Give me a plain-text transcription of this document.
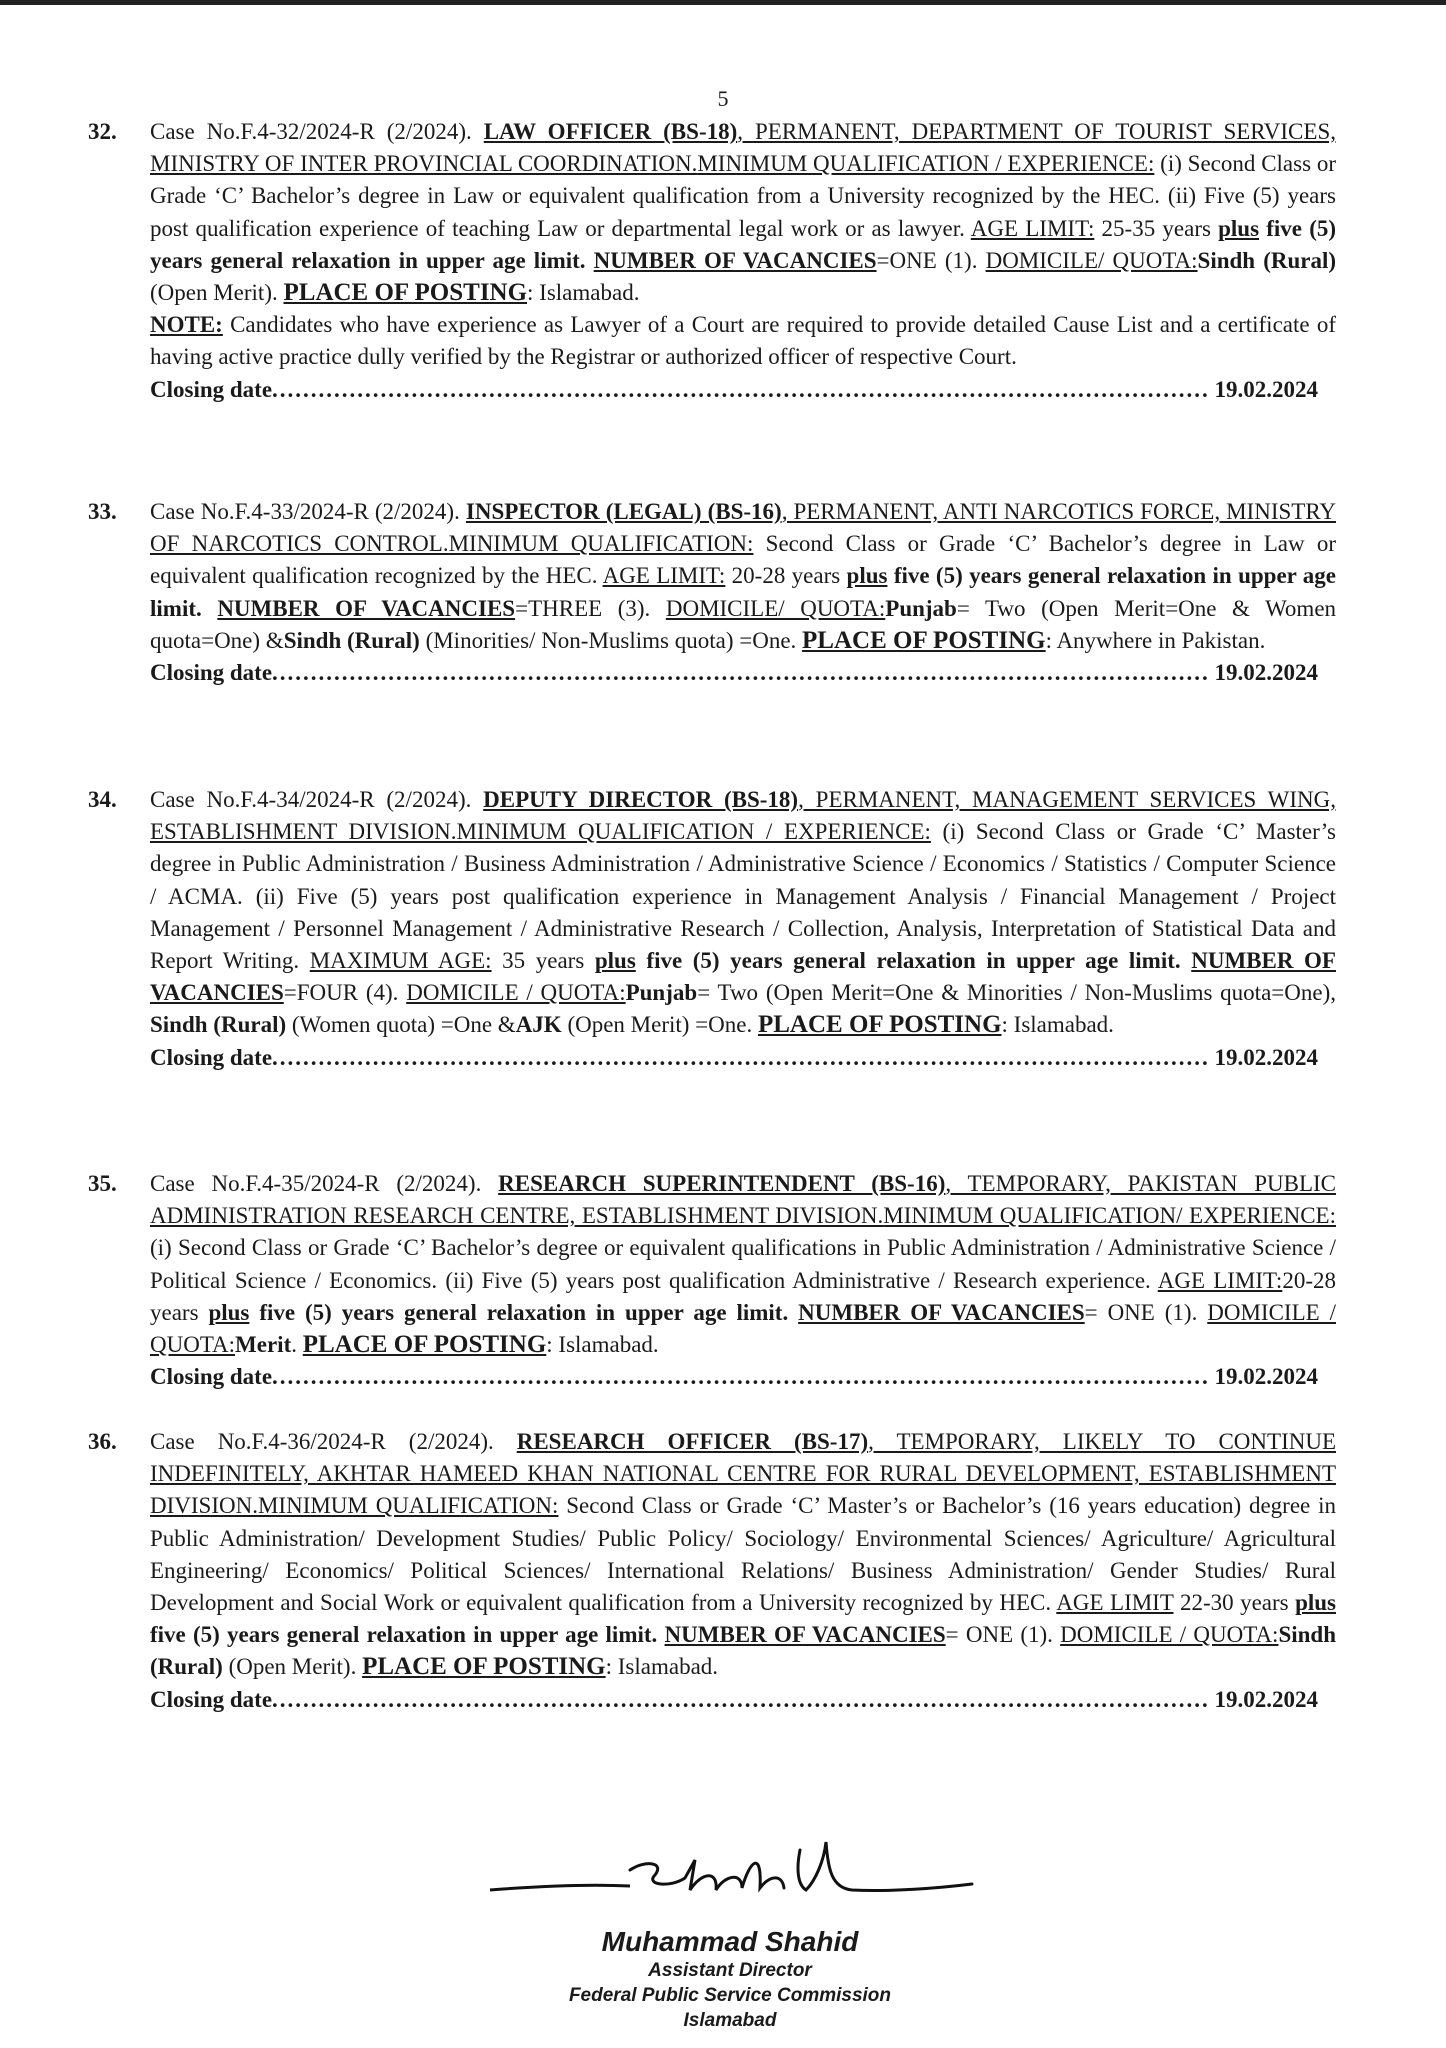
5
32. Case No.F.4-32/2024-R (2/2024). LAW OFFICER (BS-18), PERMANENT, DEPARTMENT OF TOURIST SERVICES, MINISTRY OF INTER PROVINCIAL COORDINATION.MINIMUM QUALIFICATION / EXPERIENCE: (i) Second Class or Grade ‘C’ Bachelor’s degree in Law or equivalent qualification from a University recognized by the HEC. (ii) Five (5) years post qualification experience of teaching Law or departmental legal work or as lawyer. AGE LIMIT: 25-35 years plus five (5) years general relaxation in upper age limit. NUMBER OF VACANCIES=ONE (1). DOMICILE/ QUOTA:Sindh (Rural) (Open Merit). PLACE OF POSTING: Islamabad.

NOTE: Candidates who have experience as Lawyer of a Court are required to provide detailed Cause List and a certificate of having active practice dully verified by the Registrar or authorized officer of respective Court.

Closing date .....	19.02.2024
33. Case No.F.4-33/2024-R (2/2024). INSPECTOR (LEGAL) (BS-16), PERMANENT, ANTI NARCOTICS FORCE, MINISTRY OF NARCOTICS CONTROL.MINIMUM QUALIFICATION: Second Class or Grade ‘C’ Bachelor’s degree in Law or equivalent qualification recognized by the HEC. AGE LIMIT: 20-28 years plus five (5) years general relaxation in upper age limit. NUMBER OF VACANCIES=THREE (3). DOMICILE/ QUOTA:Punjab= Two (Open Merit=One & Women quota=One) &Sindh (Rural) (Minorities/ Non-Muslims quota) =One. PLACE OF POSTING: Anywhere in Pakistan.

Closing date .....	19.02.2024
34. Case No.F.4-34/2024-R (2/2024). DEPUTY DIRECTOR (BS-18), PERMANENT, MANAGEMENT SERVICES WING, ESTABLISHMENT DIVISION.MINIMUM QUALIFICATION / EXPERIENCE: (i) Second Class or Grade ‘C’ Master’s degree in Public Administration / Business Administration / Administrative Science / Economics / Statistics / Computer Science / ACMA. (ii) Five (5) years post qualification experience in Management Analysis / Financial Management / Project Management / Personnel Management / Administrative Research / Collection, Analysis, Interpretation of Statistical Data and Report Writing. MAXIMUM AGE: 35 years plus five (5) years general relaxation in upper age limit. NUMBER OF VACANCIES=FOUR (4). DOMICILE / QUOTA:Punjab= Two (Open Merit=One & Minorities / Non-Muslims quota=One), Sindh (Rural) (Women quota) =One &AJK (Open Merit) =One. PLACE OF POSTING: Islamabad.

Closing date .....	19.02.2024
35. Case No.F.4-35/2024-R (2/2024). RESEARCH SUPERINTENDENT (BS-16), TEMPORARY, PAKISTAN PUBLIC ADMINISTRATION RESEARCH CENTRE, ESTABLISHMENT DIVISION.MINIMUM QUALIFICATION/ EXPERIENCE: (i) Second Class or Grade ‘C’ Bachelor’s degree or equivalent qualifications in Public Administration / Administrative Science / Political Science / Economics. (ii) Five (5) years post qualification Administrative / Research experience. AGE LIMIT:20-28 years plus five (5) years general relaxation in upper age limit. NUMBER OF VACANCIES= ONE (1). DOMICILE / QUOTA:Merit. PLACE OF POSTING: Islamabad.

Closing date .....	19.02.2024
36. Case No.F.4-36/2024-R (2/2024). RESEARCH OFFICER (BS-17), TEMPORARY, LIKELY TO CONTINUE INDEFINITELY, AKHTAR HAMEED KHAN NATIONAL CENTRE FOR RURAL DEVELOPMENT, ESTABLISHMENT DIVISION.MINIMUM QUALIFICATION: Second Class or Grade ‘C’ Master’s or Bachelor’s (16 years education) degree in Public Administration/ Development Studies/ Public Policy/ Sociology/ Environmental Sciences/ Agriculture/ Agricultural Engineering/ Economics/ Political Sciences/ International Relations/ Business Administration/ Gender Studies/ Rural Development and Social Work or equivalent qualification from a University recognized by HEC. AGE LIMIT 22-30 years plus five (5) years general relaxation in upper age limit. NUMBER OF VACANCIES= ONE (1). DOMICILE / QUOTA:Sindh (Rural) (Open Merit). PLACE OF POSTING: Islamabad.

Closing date .....	19.02.2024
Muhammad Shahid
Assistant Director
Federal Public Service Commission
Islamabad
